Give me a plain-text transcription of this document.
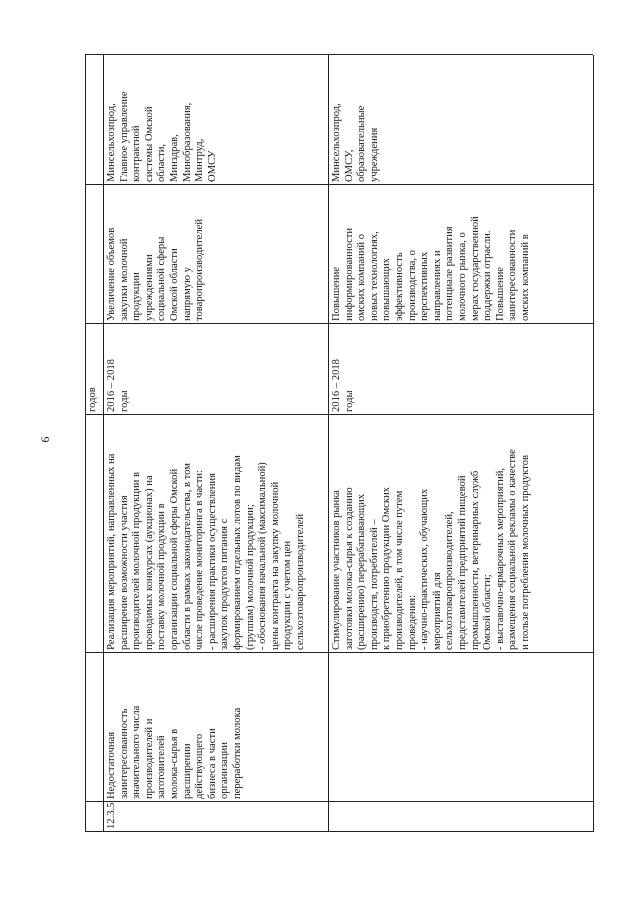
9
годов
12.3.5
Недостаточная
заинтересованность
значительного числа
производителей и
заготовителей
молока-сырья в
расширении
действующего
бизнеса в части
организации
переработки молока
Реализация мероприятий, направленных на
расширение возможности участия
производителей молочной продукции в
проводимых конкурсах (аукционах) на
поставку молочной продукции в
организации социальной сферы Омской
области в рамках законодательства, в том
числе проведение мониторинга в части:
- расширения практики осуществления
закупок продуктов питания с
формированием отдельных лотов по видам
(группам) молочной продукции;
- обоснования начальной (максимальной)
цены контракта на закупку молочной
продукции с учетом цен
сельхозтоваропроизводителей
2016 – 2018
годы
Увеличение объемов
закупки молочной
продукции
учреждениями
социальной сферы
Омской области
напрямую у
товаропроизводителей
Минсельхозпрод,
Главное управление
контрактной
системы Омской
области,
Минздрав,
Минобразования,
Минтруд,
ОМСУ
Стимулирование участников рынка
заготовки молока-сырья к созданию
(расширению) перерабатывающих
производств, потребителей –
к приобретению продукции Омских
производителей, в том числе путем
проведения:
- научно-практических, обучающих
мероприятий для
сельхозтоваропроизводителей,
представителей предприятий пищевой
промышленности, ветеринарных служб
Омской области;
- выставочно-ярмарочных мероприятий,
размещения социальной рекламы о качестве
и пользе потребления молочных продуктов
2016 – 2018
годы
Повышение
информированности
омских компаний о
новых технологиях,
повышающих
эффективность
производства, о
перспективных
направлениях и
потенциале развития
молочного рынка, о
мерах государственной
поддержки отрасли.
Повышение
заинтересованности
омских компаний в
Минсельхозпрод,
ОМСУ,
образовательные
учреждения
